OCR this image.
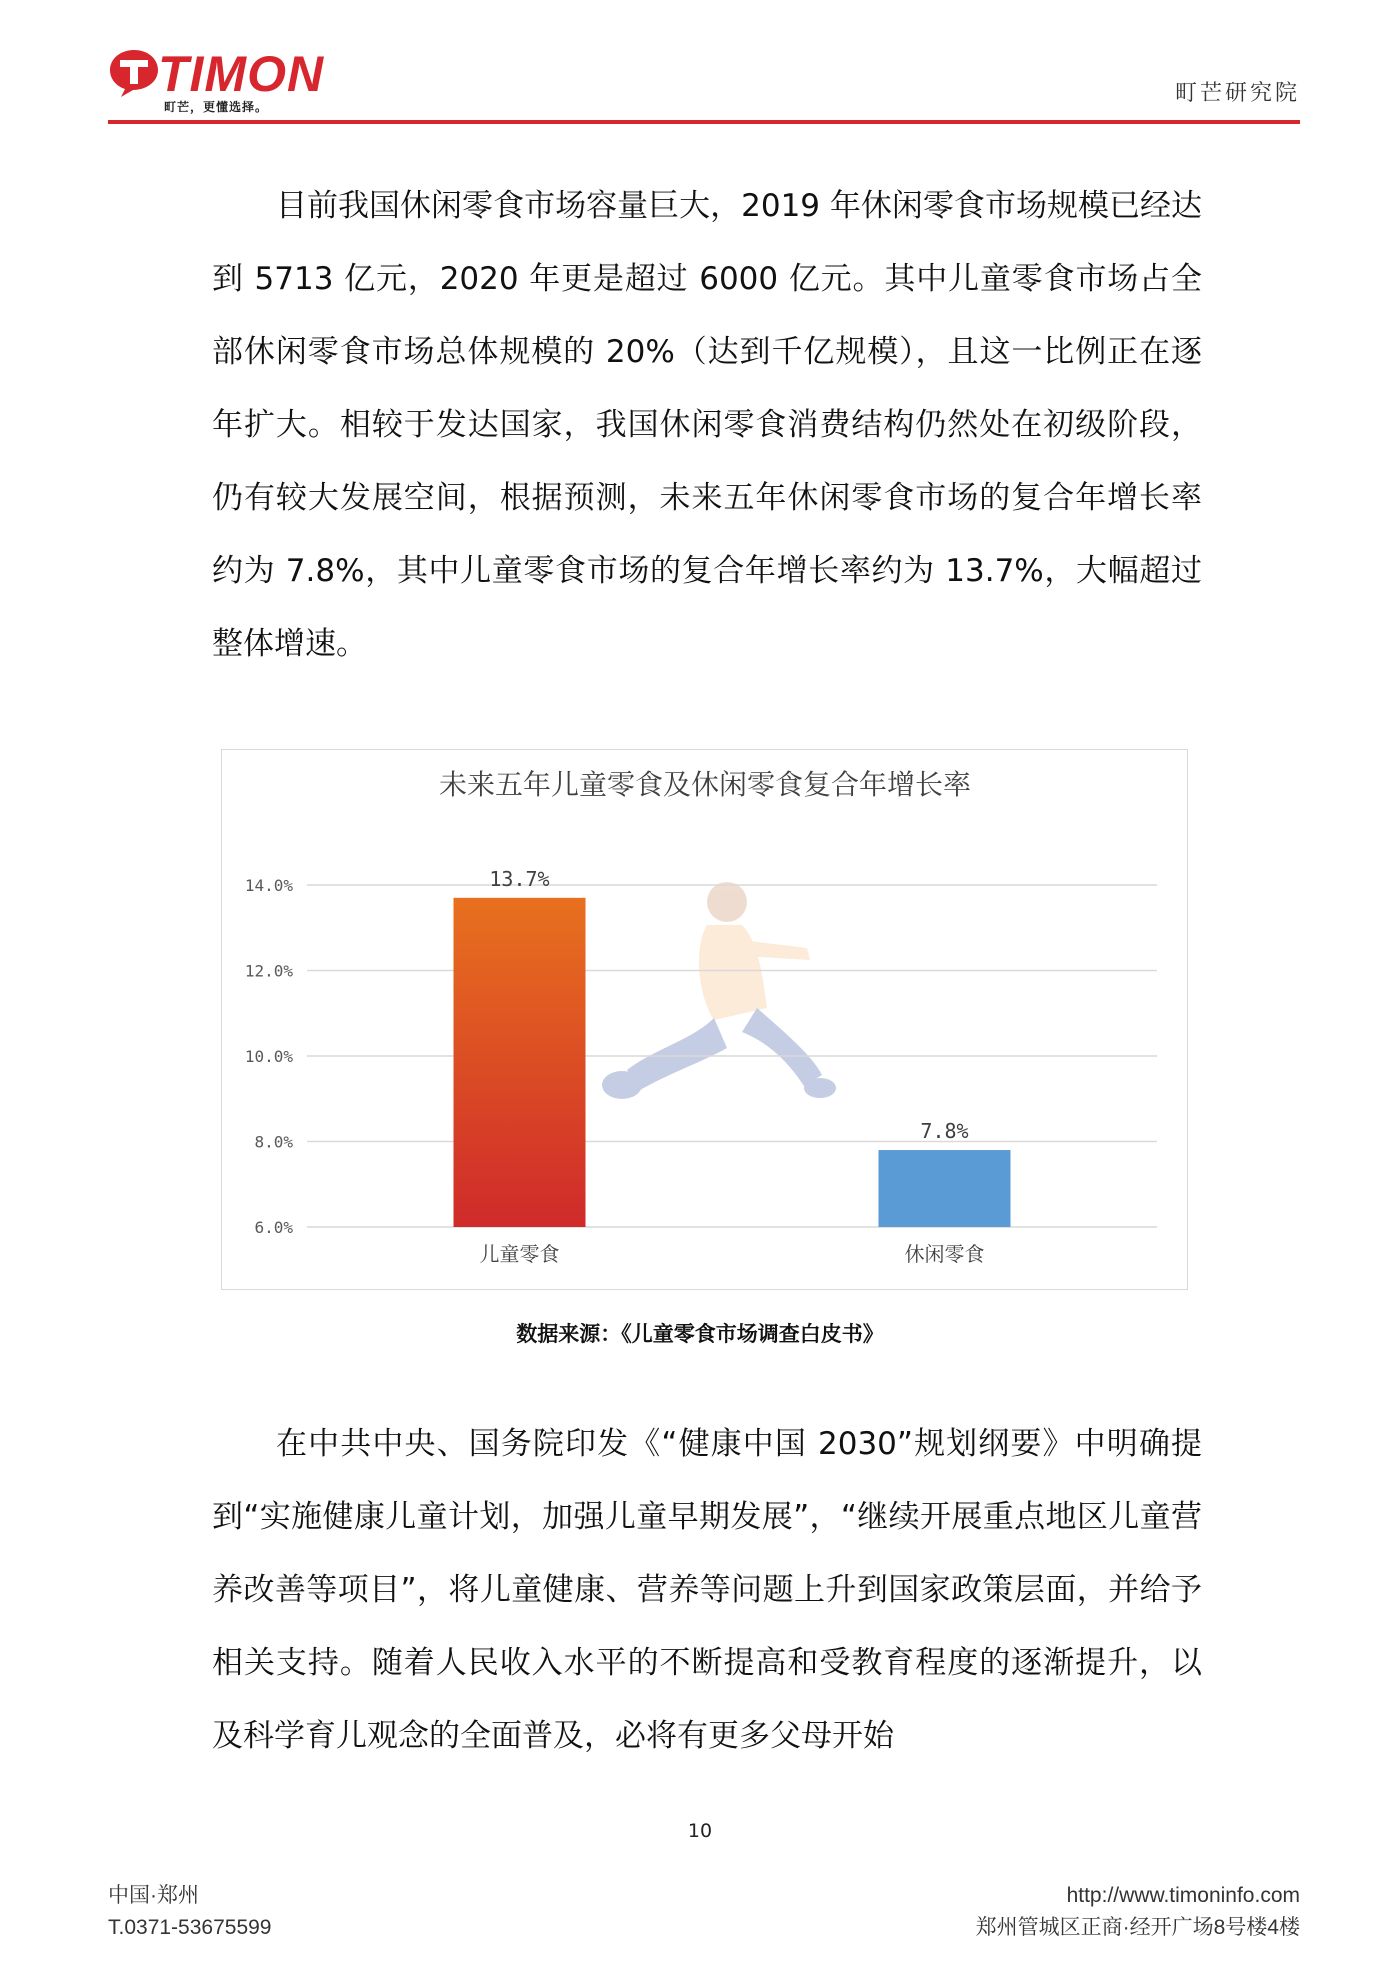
TIMON
町芒，更懂选择。
町芒研究院
目前我国休闲零食市场容量巨大，2019 年休闲零食市场规模已经达到 5713 亿元，2020 年更是超过 6000 亿元。其中儿童零食市场占全部休闲零食市场总体规模的 20%（达到千亿规模），且这一比例正在逐年扩大。相较于发达国家，我国休闲零食消费结构仍然处在初级阶段，仍有较大发展空间，根据预测，未来五年休闲零食市场的复合年增长率约为 7.8%，其中儿童零食市场的复合年增长率约为 13.7%，大幅超过整体增速。
未来五年儿童零食及休闲零食复合年增长率
6.0%
8.0%
10.0%
12.0%
14.0%	13.7%
儿童零食
7.8%
休闲零食
数据来源：《儿童零食市场调查白皮书》
在中共中央、国务院印发《“健康中国 2030”规划纲要》中明确提到“实施健康儿童计划，加强儿童早期发展”，“继续开展重点地区儿童营养改善等项目”，将儿童健康、营养等问题上升到国家政策层面，并给予相关支持。随着人民收入水平的不断提高和受教育程度的逐渐提升，以及科学育儿观念的全面普及，必将有更多父母开始
10
中国·郑州
T.0371-53675599
http://www.timoninfo.com
郑州管城区正商·经开广场8号楼4楼
